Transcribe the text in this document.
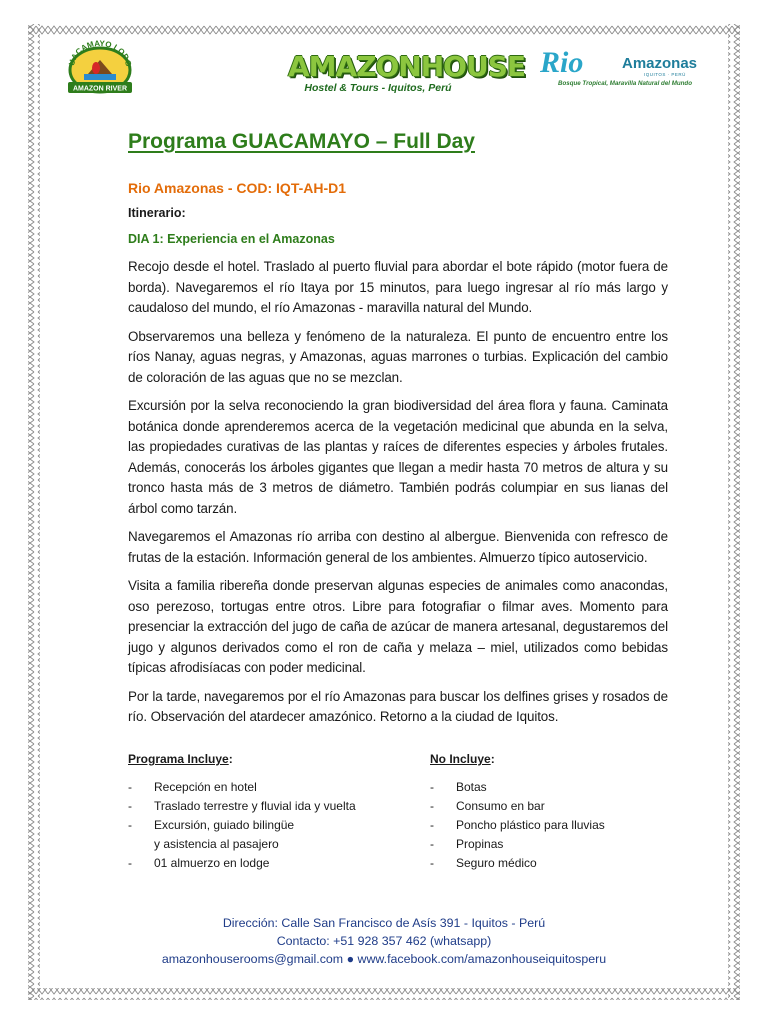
UACAMAYO LODG
AMAZON RIVER
AMAZONHOUSE
Hostel & Tours - Iquitos, Perú
Rio	Amazonas
IQUITOS · PERÚ
Bosque Tropical, Maravilla Natural del Mundo
Programa GUACAMAYO – Full Day
Rio Amazonas - COD: IQT-AH-D1
Itinerario:
DIA 1: Experiencia en el Amazonas

Recojo desde el hotel. Traslado al puerto fluvial para abordar el bote rápido (motor fuera de borda). Navegaremos el río Itaya por 15 minutos, para luego ingresar al río más largo y caudaloso del mundo, el río Amazonas - maravilla natural del Mundo.

Observaremos una belleza y fenómeno de la naturaleza. El punto de encuentro entre los ríos Nanay, aguas negras, y Amazonas, aguas marrones o turbias. Explicación del cambio de coloración de las aguas que no se mezclan.

Excursión por la selva reconociendo la gran biodiversidad del área flora y fauna. Caminata botánica donde aprenderemos acerca de la vegetación medicinal que abunda en la selva, las propiedades curativas de las plantas y raíces de diferentes especies y árboles frutales. Además, conocerás los árboles gigantes que llegan a medir hasta 70 metros de altura y su tronco hasta más de 3 metros de diámetro. También podrás columpiar en sus lianas del árbol como tarzán.

Navegaremos el Amazonas río arriba con destino al albergue. Bienvenida con refresco de frutas de la estación. Información general de los ambientes. Almuerzo típico autoservicio.

Visita a familia ribereña donde preservan algunas especies de animales como anacondas, oso perezoso, tortugas entre otros. Libre para fotografiar o filmar aves. Momento para presenciar la extracción del jugo de caña de azúcar de manera artesanal, degustaremos del jugo y algunos derivados como el ron de caña y melaza – miel, utilizados como bebidas típicas afrodisíacas con poder medicinal.

Por la tarde, navegaremos por el río Amazonas para buscar los delfines grises y rosados de río. Observación del atardecer amazónico. Retorno a la ciudad de Iquitos.

Programa Incluye:
- Recepción en hotel
- Traslado terrestre y fluvial ida y vuelta
- Excursión, guiado bilingüe
y asistencia al pasajero
- 01 almuerzo en lodge
No Incluye:
- Botas
- Consumo en bar
- Poncho plástico para lluvias
- Propinas
- Seguro médico
Dirección: Calle San Francisco de Asís 391 - Iquitos - Perú
Contacto: +51 928 357 462 (whatsapp)
amazonhouserooms@gmail.com ● www.facebook.com/amazonhouseiquitosperu
